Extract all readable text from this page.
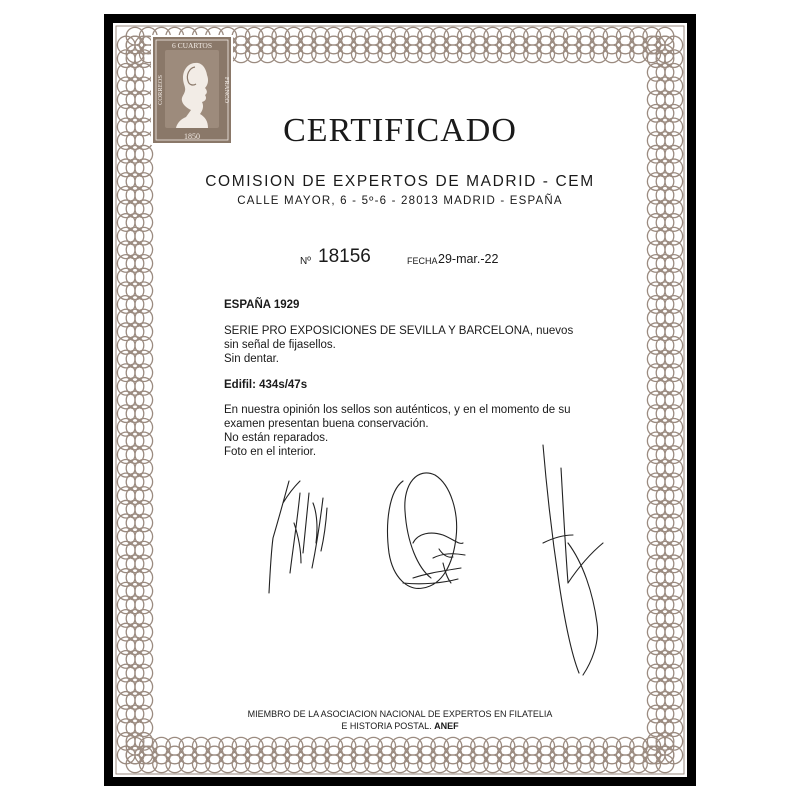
6 CUARTOS
1850
CORREOS	FRANCO
CERTIFICADO
COMISION DE EXPERTOS DE MADRID - CEM
CALLE MAYOR, 6 - 5º-6 - 28013 MADRID - ESPAÑA
Nº 18156	FECHA 29-mar.-22
ESPAÑA 1929
SERIE PRO EXPOSICIONES DE SEVILLA Y BARCELONA, nuevos
sin señal de fijasellos.
Sin dentar.
Edifil: 434s/47s
En nuestra opinión los sellos son auténticos, y en el momento de su
examen presentan buena conservación.
No están reparados.
Foto en el interior.
MIEMBRO DE LA ASOCIACION NACIONAL DE EXPERTOS EN FILATELIA
E HISTORIA POSTAL. ANEF
